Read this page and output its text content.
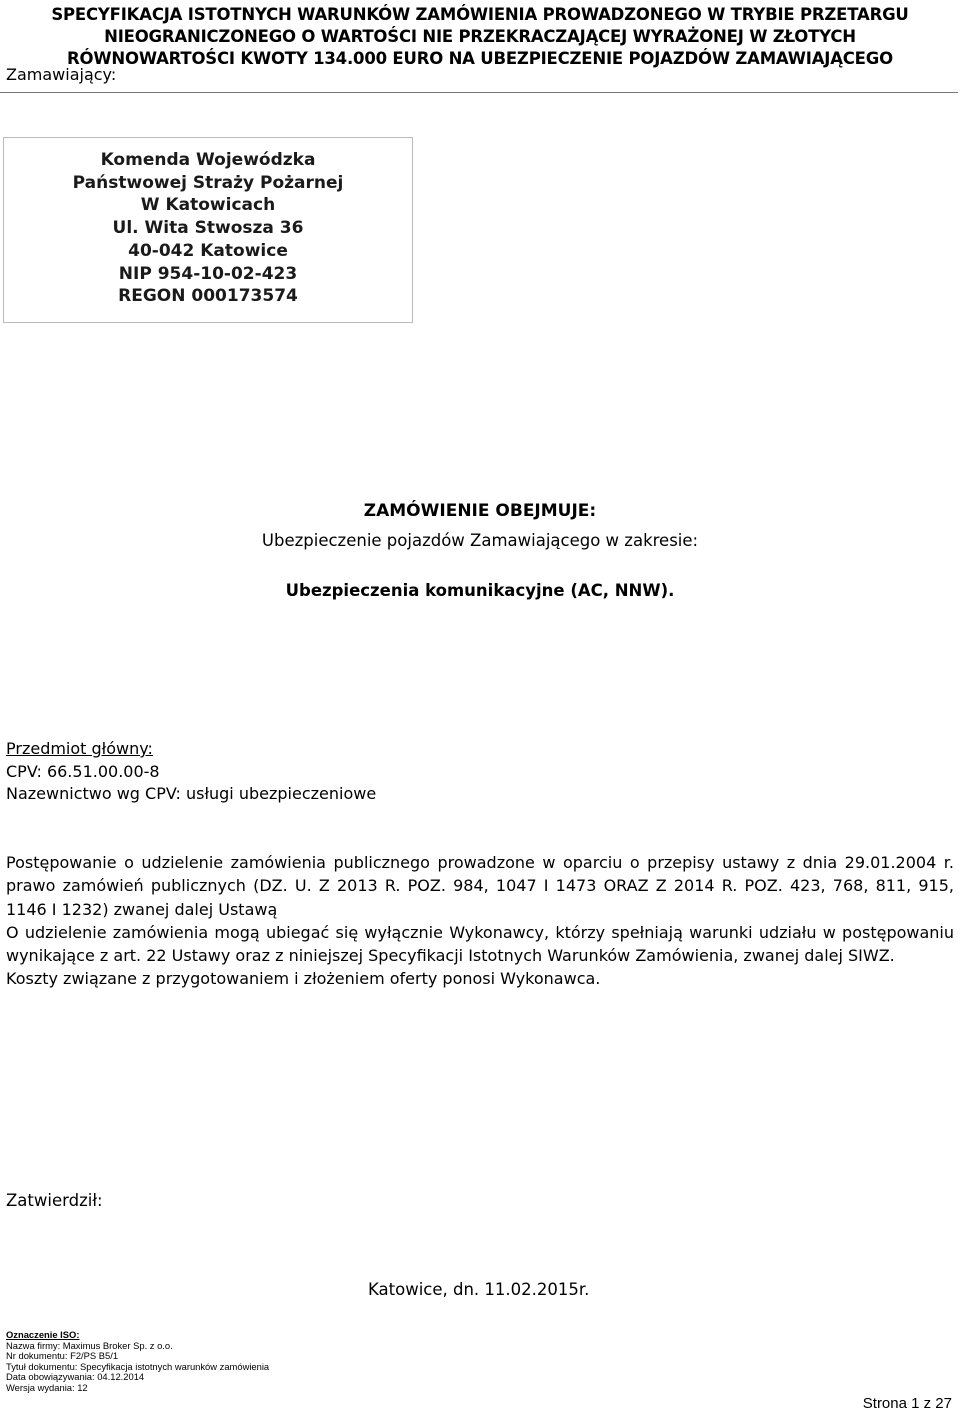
SPECYFIKACJA ISTOTNYCH WARUNKÓW ZAMÓWIENIA PROWADZONEGO W TRYBIE PRZETARGU
NIEOGRANICZONEGO O WARTOŚCI NIE PRZEKRACZAJĄCEJ WYRAŻONEJ W ZŁOTYCH
RÓWNOWARTOŚCI KWOTY 134.000 EURO NA UBEZPIECZENIE POJAZDÓW ZAMAWIAJĄCEGO
Zamawiający:
Komenda Wojewódzka
Państwowej Straży Pożarnej
W Katowicach
Ul. Wita Stwosza 36
40-042 Katowice
NIP 954-10-02-423
REGON 000173574
ZAMÓWIENIE OBEJMUJE:
Ubezpieczenie pojazdów Zamawiającego w zakresie:
Ubezpieczenia komunikacyjne (AC, NNW).
Przedmiot główny:
CPV: 66.51.00.00-8
Nazewnictwo wg CPV: usługi ubezpieczeniowe

Postępowanie o udzielenie zamówienia publicznego prowadzone w oparciu o przepisy ustawy z dnia 29.01.2004 r. prawo zamówień publicznych (DZ. U. Z 2013 R. POZ. 984, 1047 I 1473 ORAZ Z 2014 R. POZ. 423, 768, 811, 915, 1146 I 1232) zwanej dalej Ustawą

O udzielenie zamówienia mogą ubiegać się wyłącznie Wykonawcy, którzy spełniają warunki udziału w postępowaniu wynikające z art. 22 Ustawy oraz z niniejszej Specyfikacji Istotnych Warunków Zamówienia, zwanej dalej SIWZ.

Koszty związane z przygotowaniem i złożeniem oferty ponosi Wykonawca.

Zatwierdził:
Katowice, dn. 11.02.2015r.
Oznaczenie ISO:
Nazwa firmy: Maximus Broker Sp. z o.o.
Nr dokumentu: F2/PS B5/1
Tytuł dokumentu: Specyfikacja istotnych warunków zamówienia
Data obowiązywania: 04.12.2014
Wersja wydania: 12
Strona 1 z 27
